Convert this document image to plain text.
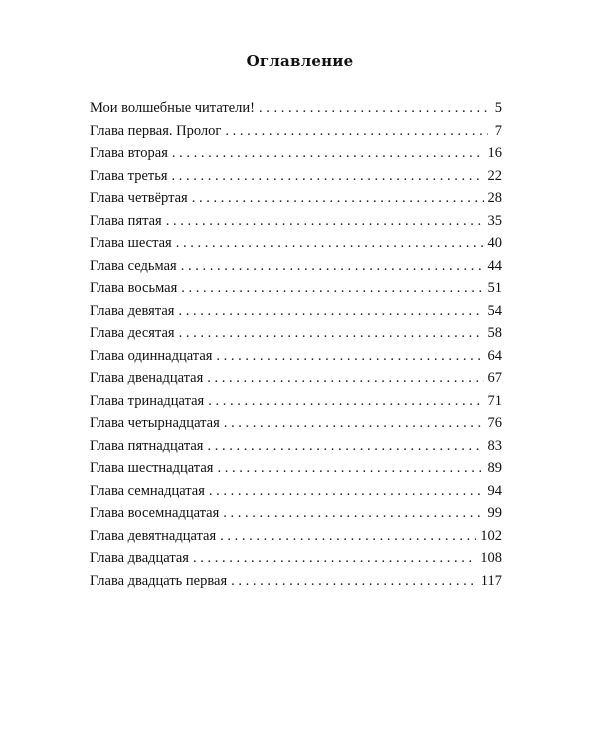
Оглавление
Мои волшебные читатели! . . .	5
Глава первая. Пролог . . .	7
Глава вторая . . .	16
Глава третья . . .	22
Глава четвёртая . . .	28
Глава пятая . . .	35
Глава шестая . . .	40
Глава седьмая . . .	44
Глава восьмая . . .	51
Глава девятая . . .	54
Глава десятая . . .	58
Глава одиннадцатая . . .	64
Глава двенадцатая . . .	67
Глава тринадцатая . . .	71
Глава четырнадцатая . . .	76
Глава пятнадцатая . . .	83
Глава шестнадцатая . . .	89
Глава семнадцатая . . .	94
Глава восемнадцатая . . .	99
Глава девятнадцатая . . .	102
Глава двадцатая . . .	108
Глава двадцать первая . . .	117
